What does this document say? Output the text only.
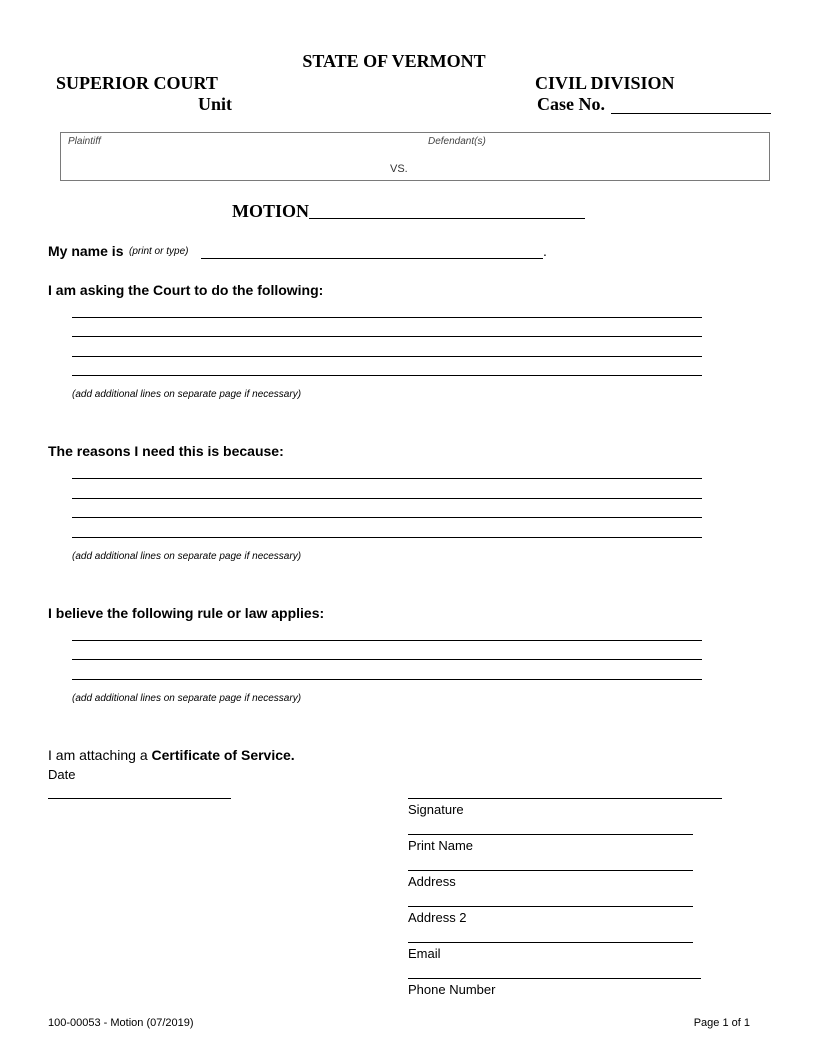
STATE OF VERMONT
SUPERIOR COURT	CIVIL DIVISION
Unit	Case No.
Plaintiff	Defendant(s)
VS.
MOTION
My name is (print or type)	.
I am asking the Court to do the following:
(add additional lines on separate page if necessary)
The reasons I need this is because:
(add additional lines on separate page if necessary)
I believe the following rule or law applies:
(add additional lines on separate page if necessary)
I am attaching a Certificate of Service.
Date
Signature
Print Name
Address
Address 2
Email
Phone Number
100-00053 - Motion (07/2019)	Page 1 of 1
